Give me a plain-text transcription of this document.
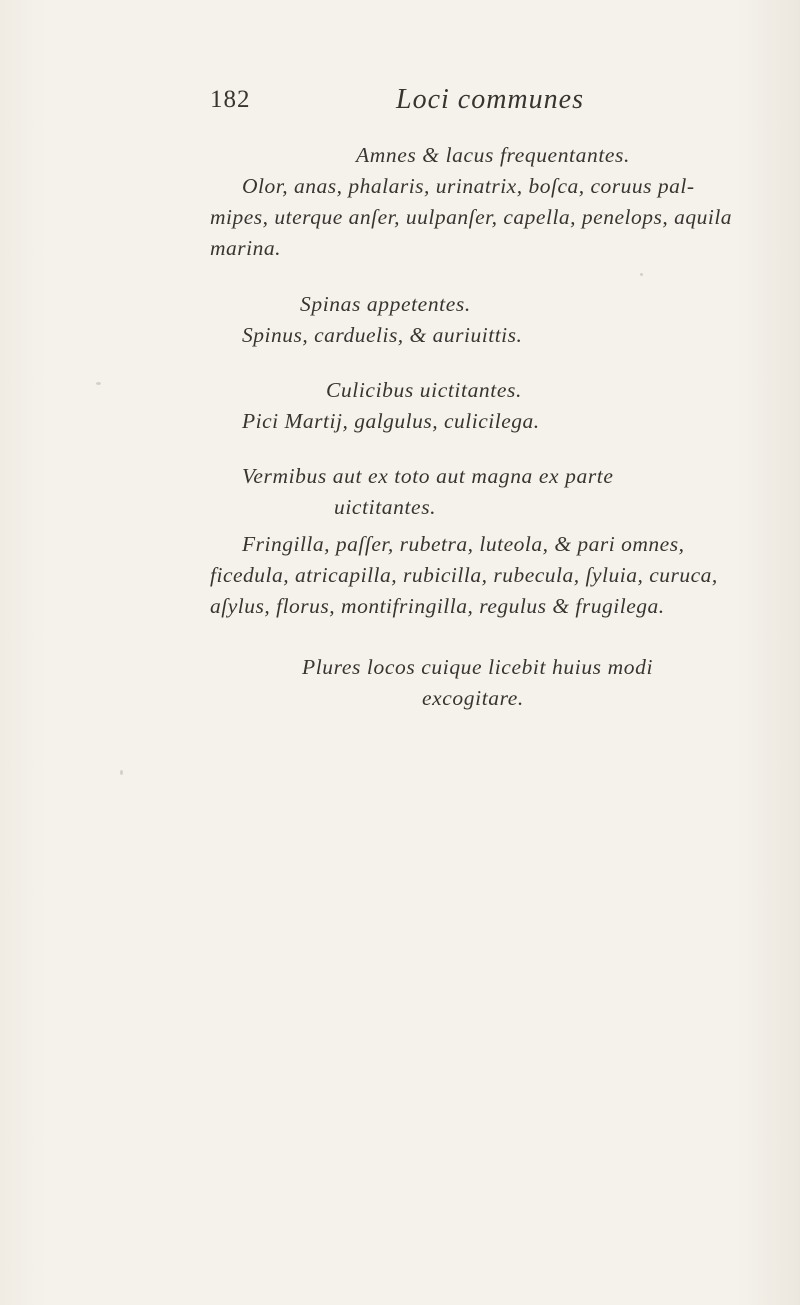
182	Loci communes

Amnes & lacus frequentantes.

Olor, anas, phalaris, urinatrix, boſca, coruus pal-

mipes, uterque anſer, uulpanſer, capella, penelops, aquila

marina.

Spinas appetentes.

Spinus, carduelis, & auriuittis.

Culicibus uictitantes.

Pici Martij, galgulus, culicilega.

Vermibus aut ex toto aut magna ex parte

uictitantes.

Fringilla, paſſer, rubetra, luteola, & pari omnes,

ficedula, atricapilla, rubicilla, rubecula, ſyluia, curuca,

aſylus, florus, montifringilla, regulus & frugilega.

Plures locos cuique licebit huius modi

excogitare.
